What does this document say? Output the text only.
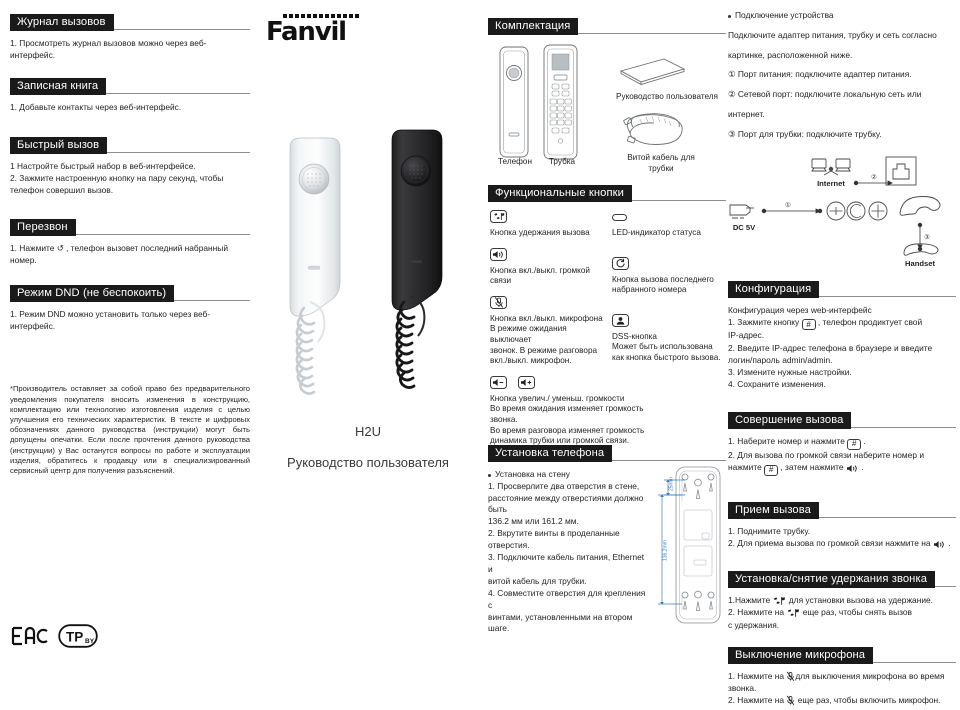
Журнал вызовов

1. Просмотреть журнал вызовов можно через веб-

интерфейс.

Записная книга

1. Добавьте контакты через веб-интерфейс.

Быстрый вызов

1 Настройте быстрый набор в веб-интерфейсе.

2. Зажмите настроенную кнопку на пару секунд, чтобы

телефон совершил вызов.

Перезвон

1. Нажмите ↺ , телефон вызовет последний набранный

номер.

Режим DND (не беспокоить)

1. Режим DND можно установить только через веб-

интерфейс.

*Производитель оставляет за собой право без предварительного уведомления покупателя вносить изменения в конструкцию, комплектацию или технологию изготовления изделия с целью улучшения его технических характеристик. В тексте и цифровых обозначениях данного руководства (инструкции) могут быть допущены опечатки. Если после прочтения данного руководства (инструкции) у Вас останутся вопросы по работе и эксплуатации изделия, обратитесь к продавцу или в специализированный сервисный центр для получения разъяснений.
TP BY
Fanvil
H2U
Руководство пользователя
Комплектация
Телефон	Трубка
Руководство пользователя
Витой кабель для трубки
Функциональные кнопки
Кнопка удержания вызова
Кнопка вкл./выкл. громкой
связи
Кнопка вкл./выкл. микрофона
В режиме ожидания выключает
звонок. В режиме разговора
вкл./выкл. микрофон.

Кнопка увелич./ уменьш. громкости
Во время ожидания изменяет громкость
звонка.
Во время разговора изменяет громкость
динамика трубки или громкой связи.
LED-индикатор статуса
Кнопка вызова последнего
набранного номера
DSS-кнопка
Может быть использована
как кнопка быстрого вызова.
Установка телефона
Установка на стену

1. Просверлите два отверстия в стене,

расстояние между отверстиями должно быть

136.2 мм или 161.2 мм.

2. Вкрутите винты в проделанные отверстия.

3. Подключите кабель питания, Ethernet и

витой кабель для трубки.

4. Совместите отверстия для крепления с

винтами, установленными на втором шаге.

25mm
136.2mm
Подключение устройства

Подключите адаптер питания, трубку и сеть согласно

картинке, расположенной ниже.

① Порт питания: подключите адаптер питания.

② Сетевой порт: подключите локальную сеть или

интернет.

③ Порт для трубки: подключите трубку.

①
②
③
Internet
DC 5V
Handset
Конфигурация

Конфигурация через web-интерфейс

1. Зажмите кнопку # , телефон продиктует свой

IP-адрес.

2. Введите IP-адрес телефона в браузере и введите

логин/пароль admin/admin.

3. Измените нужные настройки.

4. Сохраните изменения.

Совершение вызова

1. Наберите номер и нажмите # .

2. Для вызова по громкой связи наберите номер и

нажмите # , затем нажмите
.

Прием вызова

1. Поднимите трубку.

2. Для приема вызова по громкой связи нажмите на
.

Установка/снятие удержания звонка

1.Нажмите
для установки вызова на удержание.

2. Нажмите на
еще раз, чтобы снять вызов

с удержания.

Выключение микрофона

1. Нажмите на
для выключения микрофона во время звонка.

2. Нажмите на
еще раз, чтобы включить микрофон.
